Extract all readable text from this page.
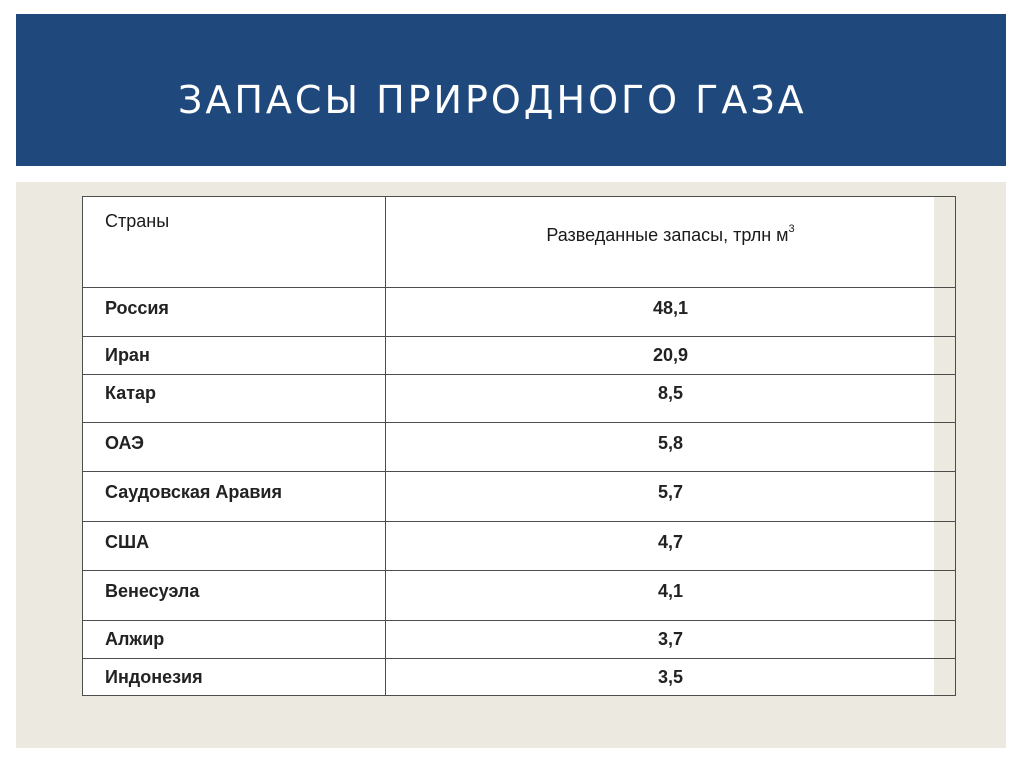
ЗАПАСЫ ПРИРОДНОГО ГАЗА
Страны	Разведанные запасы, трлн $м^3$
Россия	48,1
Иран	20,9
Катар	8,5
ОАЭ	5,8
Саудовская Аравия	5,7
США	4,7
Венесуэла	4,1
Алжир	3,7
Индонезия	3,5
